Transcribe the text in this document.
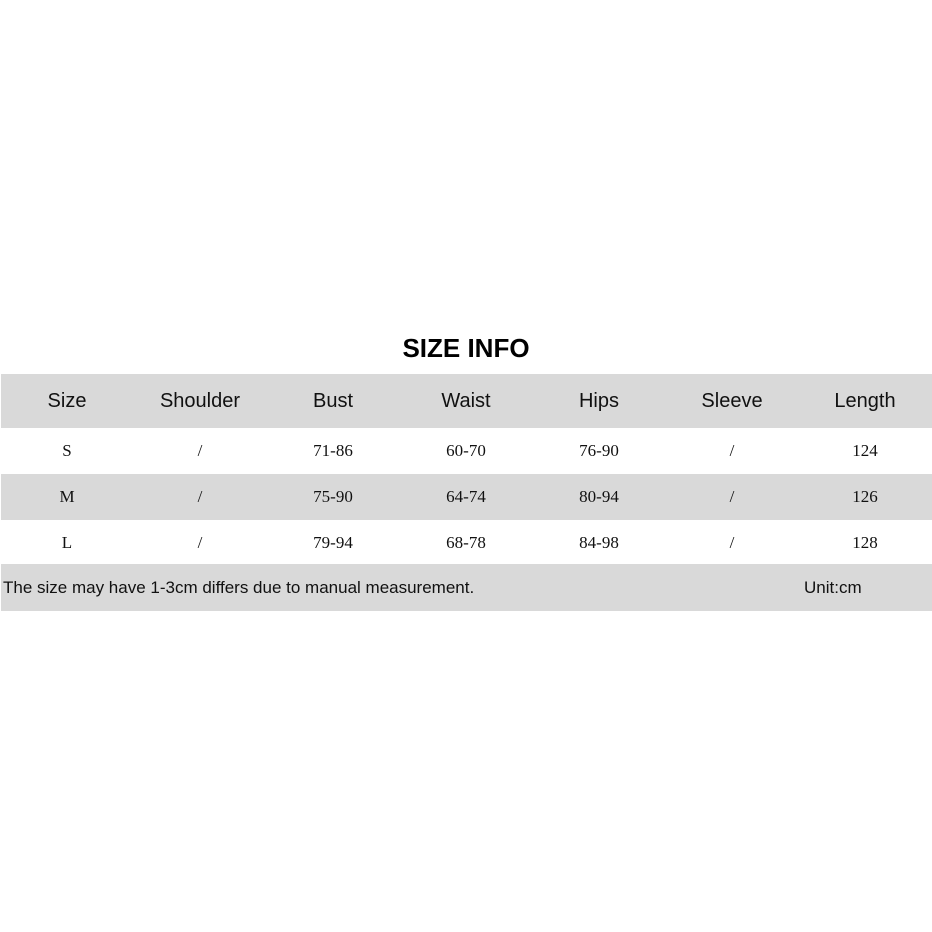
SIZE INFO
Size	Shoulder	Bust	Waist	Hips	Sleeve	Length
S	/	71-86	60-70	76-90	/	124
M	/	75-90	64-74	80-94	/	126
L	/	79-94	68-78	84-98	/	128
The size may have 1-3cm differs due to manual measurement.	Unit:cm
